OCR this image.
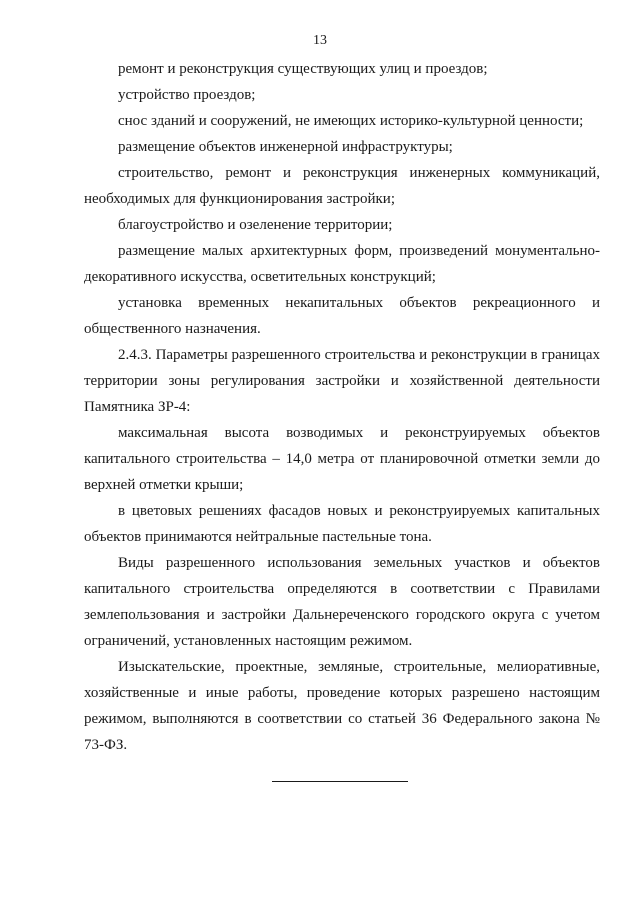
13

ремонт и реконструкция существующих улиц и проездов;

устройство проездов;

снос зданий и сооружений, не имеющих историко-культурной ценности;

размещение объектов инженерной инфраструктуры;

строительство, ремонт и реконструкция инженерных коммуникаций, необходимых для функционирования застройки;

благоустройство и озеленение территории;

размещение малых архитектурных форм, произведений монументально-декоративного искусства, осветительных конструкций;

установка временных некапитальных объектов рекреационного и общественного назначения.

2.4.3. Параметры разрешенного строительства и реконструкции в границах территории зоны регулирования застройки и хозяйственной деятельности Памятника ЗР-4:

максимальная высота возводимых и реконструируемых объектов капитального строительства – 14,0 метра от планировочной отметки земли до верхней отметки крыши;

в цветовых решениях фасадов новых и реконструируемых капитальных объектов принимаются нейтральные пастельные тона.

Виды разрешенного использования земельных участков и объектов капитального строительства определяются в соответствии с Правилами землепользования и застройки Дальнереченского городского округа с учетом ограничений, установленных настоящим режимом.

Изыскательские, проектные, земляные, строительные, мелиоративные, хозяйственные и иные работы, проведение которых разрешено настоящим режимом, выполняются в соответствии со статьей 36 Федерального закона № 73-ФЗ.
